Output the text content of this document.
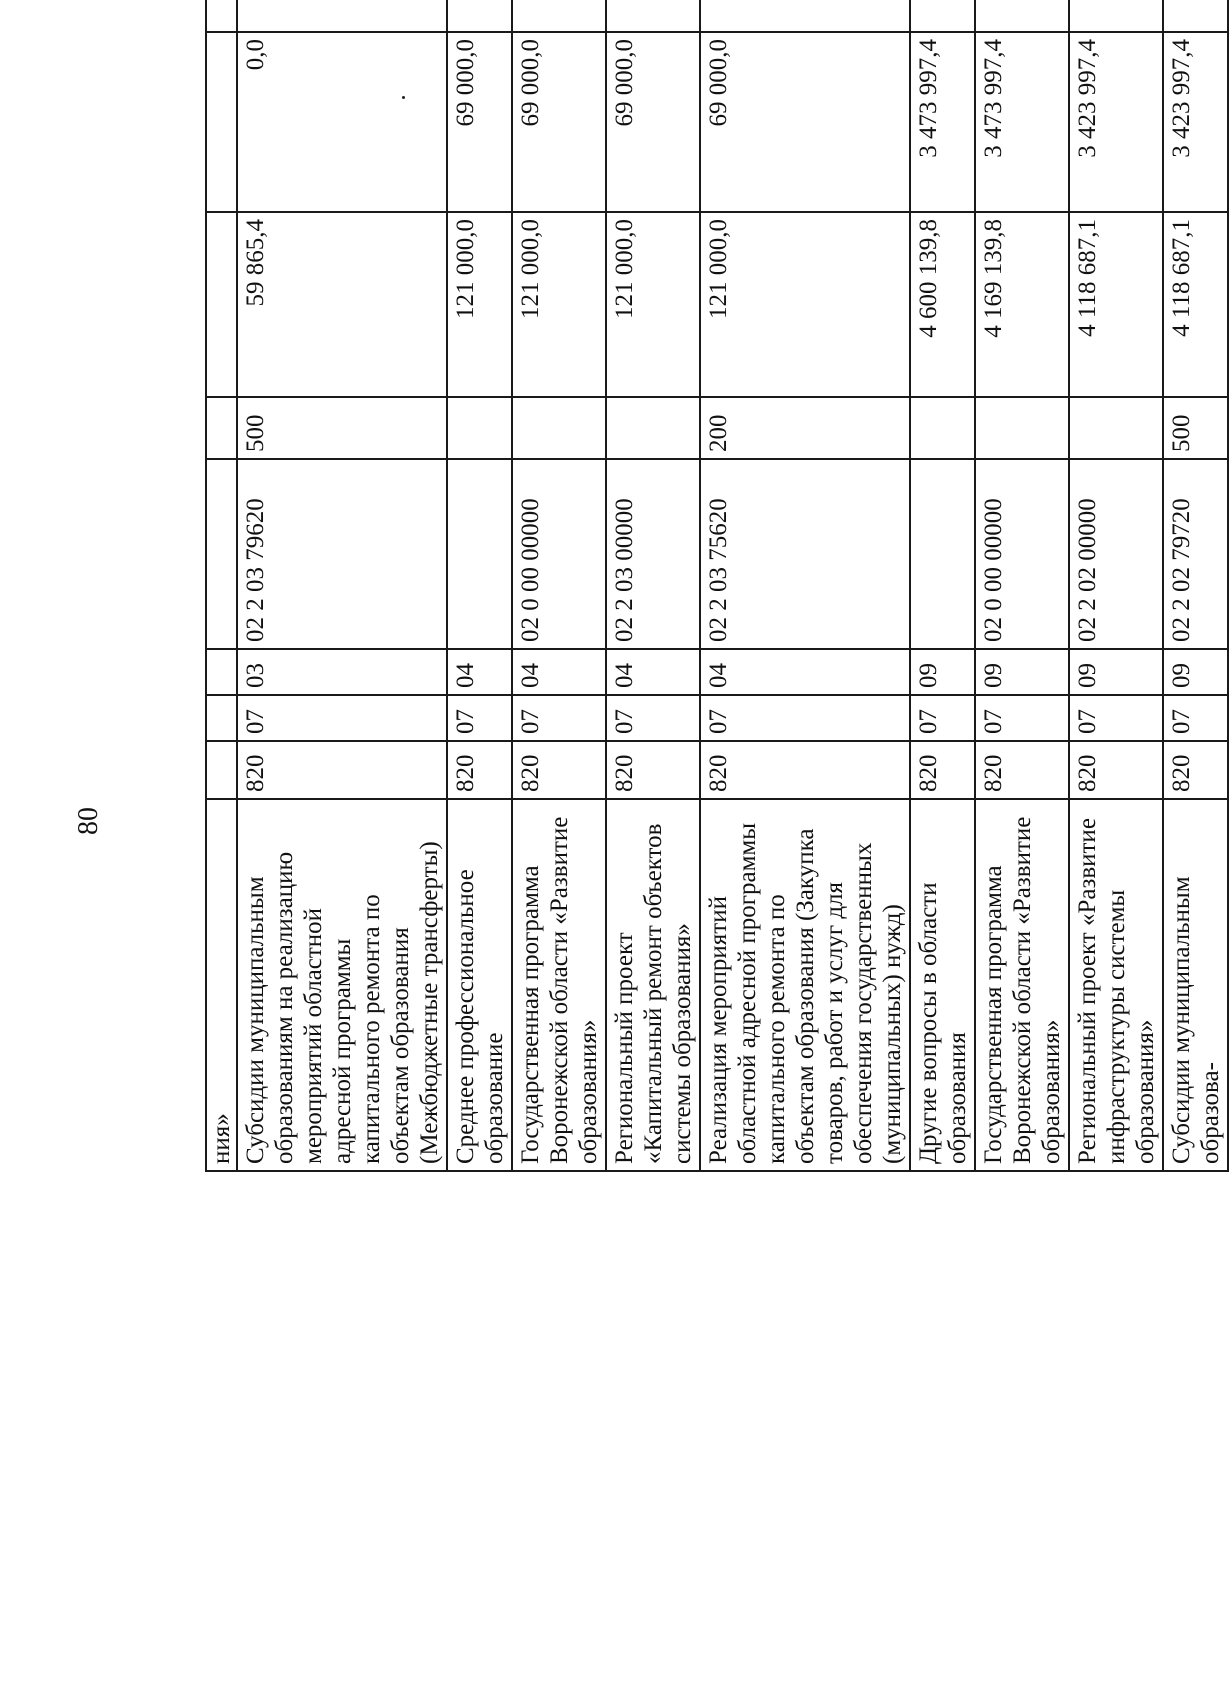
80
ния»								
Субсидии муниципальным образованиям на реализацию мероприятий областной адресной программы капитального ремонта по объектам образования (Межбюджетные трансферты)	820	07	03	02 2 03 79620	500	59 865,4	0,0	
Среднее профессиональное образование	820	07	04			121 000,0	69 000,0	
Государственная программа Воронежской области «Развитие образования»	820	07	04	02 0 00 00000		121 000,0	69 000,0	
Региональный проект «Капитальный ремонт объектов системы образования»	820	07	04	02 2 03 00000		121 000,0	69 000,0	
Реализация мероприятий областной адресной программы капитального ремонта по объектам образования (Закупка товаров, работ и услуг для обеспечения государственных (муниципальных) нужд)	820	07	04	02 2 03 75620	200	121 000,0	69 000,0	
Другие вопросы в области образования	820	07	09			4 600 139,8	3 473 997,4	
Государственная программа Воронежской области «Развитие образования»	820	07	09	02 0 00 00000		4 169 139,8	3 473 997,4	
Региональный проект «Развитие инфраструктуры системы образования»	820	07	09	02 2 02 00000		4 118 687,1	3 423 997,4	
Субсидии муниципальным образова-	820	07	09	02 2 02 79720	500	4 118 687,1	3 423 997,4	
